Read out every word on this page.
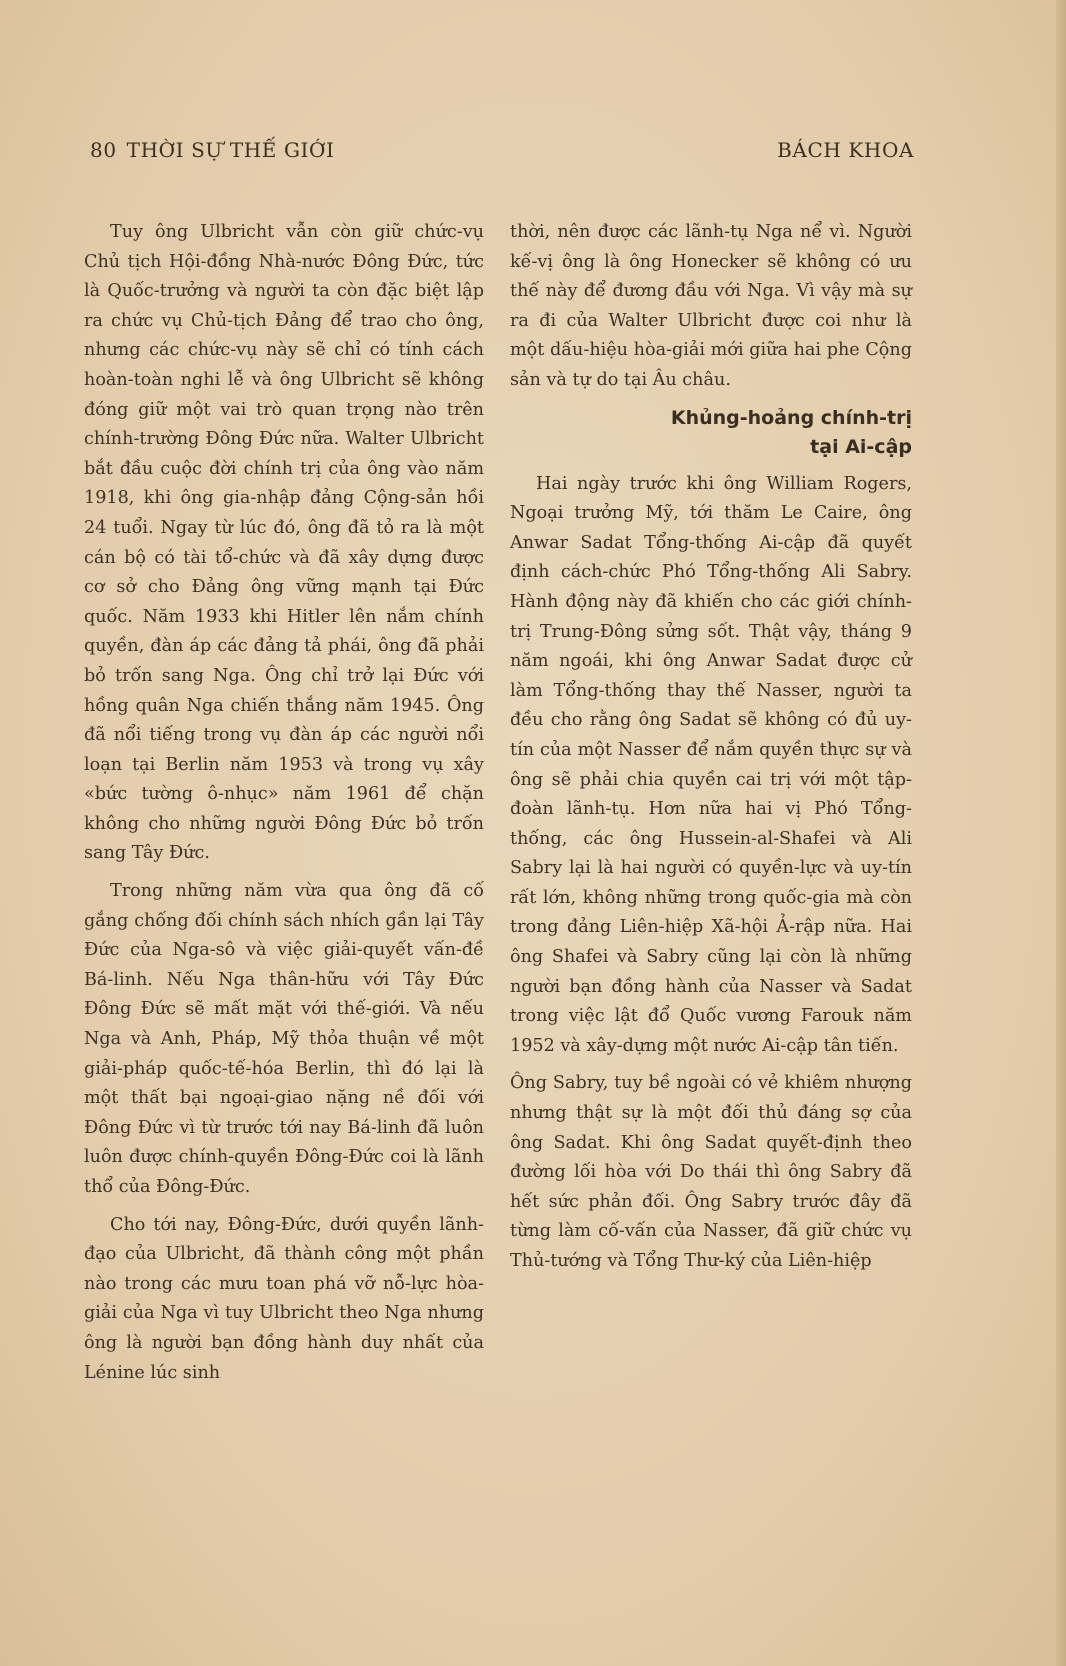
80 THỜI SỰ THẾ GIỚI	BÁCH KHOA

Tuy ông Ulbricht vẫn còn giữ chức-vụ Chủ tịch Hội-đồng Nhà-nước Đông Đức, tức là Quốc-trưởng và người ta còn đặc biệt lập ra chức vụ Chủ-tịch Đảng để trao cho ông, nhưng các chức-vụ này sẽ chỉ có tính cách hoàn-toàn nghi lễ và ông Ulbricht sẽ không đóng giữ một vai trò quan trọng nào trên chính-trường Đông Đức nữa. Walter Ulbricht bắt đầu cuộc đời chính trị của ông vào năm 1918, khi ông gia-nhập đảng Cộng-sản hồi 24 tuổi. Ngay từ lúc đó, ông đã tỏ ra là một cán bộ có tài tổ-chức và đã xây dựng được cơ sở cho Đảng ông vững mạnh tại Đức quốc. Năm 1933 khi Hitler lên nắm chính quyền, đàn áp các đảng tả phái, ông đã phải bỏ trốn sang Nga. Ông chỉ trở lại Đức với hồng quân Nga chiến thắng năm 1945. Ông đã nổi tiếng trong vụ đàn áp các người nổi loạn tại Berlin năm 1953 và trong vụ xây «bức tường ô-nhục» năm 1961 để chặn không cho những người Đông Đức bỏ trốn sang Tây Đức.

Trong những năm vừa qua ông đã cố gắng chống đối chính sách nhích gần lại Tây Đức của Nga-sô và việc giải-quyết vấn-đề Bá-linh. Nếu Nga thân-hữu với Tây Đức Đông Đức sẽ mất mặt với thế-giới. Và nếu Nga và Anh, Pháp, Mỹ thỏa thuận về một giải-pháp quốc-tế-hóa Berlin, thì đó lại là một thất bại ngoại-giao nặng nề đối với Đông Đức vì từ trước tới nay Bá-linh đã luôn luôn được chính-quyền Đông-Đức coi là lãnh thổ của Đông-Đức.

Cho tới nay, Đông-Đức, dưới quyền lãnh-đạo của Ulbricht, đã thành công một phần nào trong các mưu toan phá vỡ nỗ-lực hòa-giải của Nga vì tuy Ulbricht theo Nga nhưng ông là người bạn đồng hành duy nhất của Lénine lúc sinh

thời, nên được các lãnh-tụ Nga nể vì. Người kế-vị ông là ông Honecker sẽ không có ưu thế này để đương đầu với Nga. Vì vậy mà sự ra đi của Walter Ulbricht được coi như là một dấu-hiệu hòa-giải mới giữa hai phe Cộng sản và tự do tại Âu châu.

Khủng-hoảng chính-trị
tại Ai-cập

Hai ngày trước khi ông William Rogers, Ngoại trưởng Mỹ, tới thăm Le Caire, ông Anwar Sadat Tổng-thống Ai-cập đã quyết định cách-chức Phó Tổng-thống Ali Sabry. Hành động này đã khiến cho các giới chính-trị Trung-Đông sửng sốt. Thật vậy, tháng 9 năm ngoái, khi ông Anwar Sadat được cử làm Tổng-thống thay thế Nasser, người ta đều cho rằng ông Sadat sẽ không có đủ uy-tín của một Nasser để nắm quyền thực sự và ông sẽ phải chia quyền cai trị với một tập-đoàn lãnh-tụ. Hơn nữa hai vị Phó Tổng-thống, các ông Hussein-al-Shafei và Ali Sabry lại là hai người có quyền-lực và uy-tín rất lớn, không những trong quốc-gia mà còn trong đảng Liên-hiệp Xã-hội Ả-rập nữa. Hai ông Shafei và Sabry cũng lại còn là những người bạn đồng hành của Nasser và Sadat trong việc lật đổ Quốc vương Farouk năm 1952 và xây-dựng một nước Ai-cập tân tiến.

Ông Sabry, tuy bề ngoài có vẻ khiêm nhượng nhưng thật sự là một đối thủ đáng sợ của ông Sadat. Khi ông Sadat quyết-định theo đường lối hòa với Do thái thì ông Sabry đã hết sức phản đối. Ông Sabry trước đây đã từng làm cố-vấn của Nasser, đã giữ chức vụ Thủ-tướng và Tổng Thư-ký của Liên-hiệp
